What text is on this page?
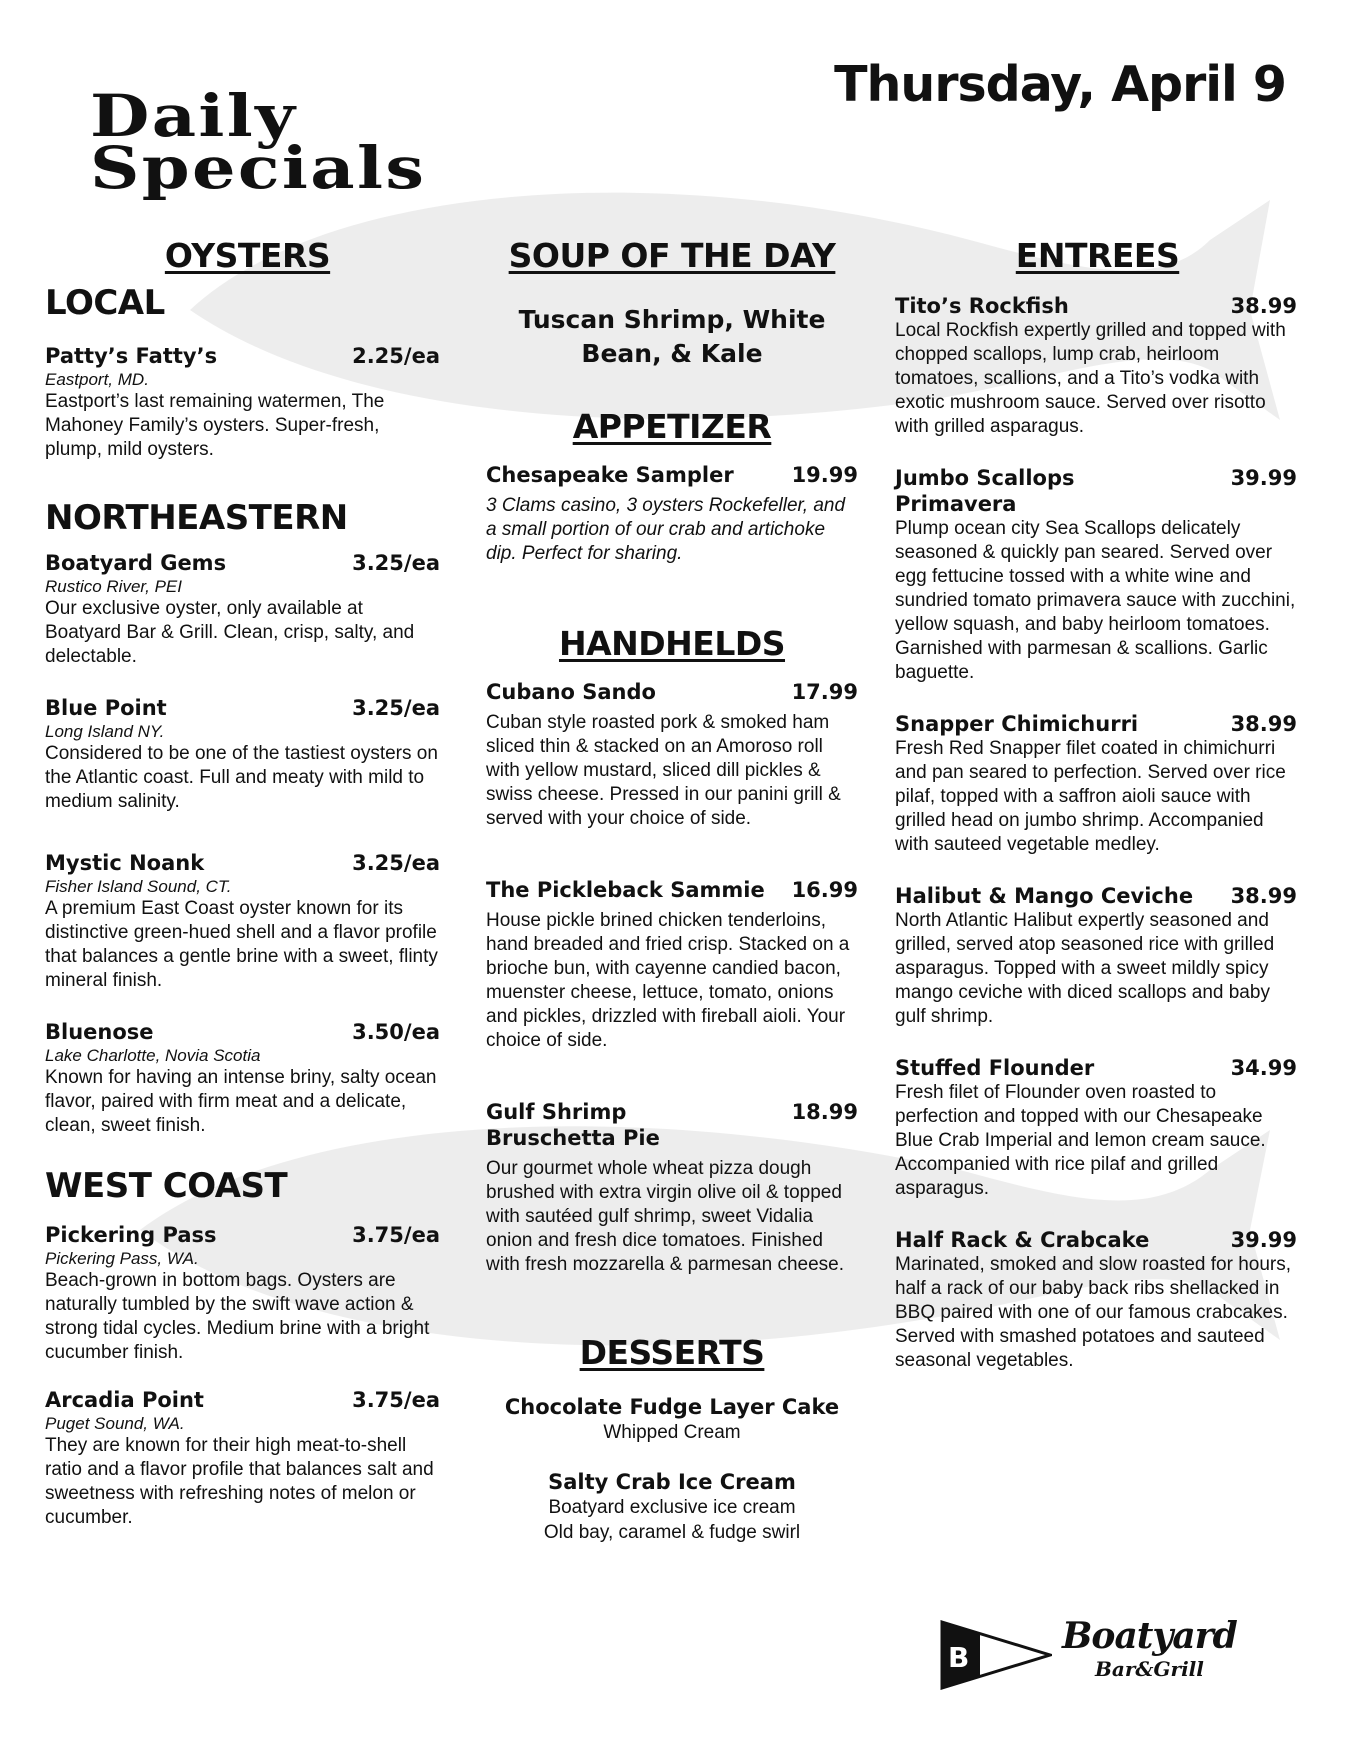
Daily
Specials
Thursday, April 9
OYSTERS
LOCAL
Patty’s Fatty’s	2.25/ea
Eastport, MD.
Eastport’s last remaining watermen, The Mahoney Family’s oysters. Super-fresh, plump, mild oysters.
NORTHEASTERN
Boatyard Gems	3.25/ea
Rustico River, PEI
Our exclusive oyster, only available at Boatyard Bar & Grill. Clean, crisp, salty, and delectable.
Blue Point	3.25/ea
Long Island NY.
Considered to be one of the tastiest oysters on the Atlantic coast. Full and meaty with mild to medium salinity.
Mystic Noank	3.25/ea
Fisher Island Sound, CT.
A premium East Coast oyster known for its distinctive green-hued shell and a flavor profile that balances a gentle brine with a sweet, flinty mineral finish.
Bluenose	3.50/ea
Lake Charlotte, Novia Scotia
Known for having an intense briny, salty ocean flavor, paired with firm meat and a delicate, clean, sweet finish.
WEST COAST
Pickering Pass	3.75/ea
Pickering Pass, WA.
Beach-grown in bottom bags. Oysters are naturally tumbled by the swift wave action & strong tidal cycles. Medium brine with a bright cucumber finish.
Arcadia Point	3.75/ea
Puget Sound, WA.
They are known for their high meat-to-shell ratio and a flavor profile that balances salt and sweetness with refreshing notes of melon or cucumber.
SOUP OF THE DAY
Tuscan Shrimp, White
Bean, & Kale
APPETIZER
Chesapeake Sampler	19.99
3 Clams casino, 3 oysters Rockefeller, and a small portion of our crab and artichoke dip. Perfect for sharing.
HANDHELDS
Cubano Sando	17.99
Cuban style roasted pork & smoked ham sliced thin & stacked on an Amoroso roll with yellow mustard, sliced dill pickles & swiss cheese. Pressed in our panini grill & served with your choice of side.
The Pickleback Sammie 16.99
House pickle brined chicken tenderloins, hand breaded and fried crisp. Stacked on a brioche bun, with cayenne candied bacon, muenster cheese, lettuce, tomato, onions and pickles, drizzled with fireball aioli. Your choice of side.
Gulf Shrimp Bruschetta Pie
18.99
Our gourmet whole wheat pizza dough brushed with extra virgin olive oil & topped with sautéed gulf shrimp, sweet Vidalia onion and fresh dice tomatoes. Finished with fresh mozzarella & parmesan cheese.
DESSERTS
Chocolate Fudge Layer Cake
Whipped Cream
Salty Crab Ice Cream
Boatyard exclusive ice cream
Old bay, caramel & fudge swirl
ENTREES
Tito’s Rockfish	38.99
Local Rockfish expertly grilled and topped with chopped scallops, lump crab, heirloom tomatoes, scallions, and a Tito’s vodka with exotic mushroom sauce. Served over risotto with grilled asparagus.
Jumbo Scallops Primavera
39.99
Plump ocean city Sea Scallops delicately seasoned & quickly pan seared. Served over egg fettucine tossed with a white wine and sundried tomato primavera sauce with zucchini, yellow squash, and baby heirloom tomatoes. Garnished with parmesan & scallions. Garlic baguette.
Snapper Chimichurri	38.99
Fresh Red Snapper filet coated in chimichurri and pan seared to perfection. Served over rice pilaf, topped with a saffron aioli sauce with grilled head on jumbo shrimp. Accompanied with sauteed vegetable medley.
Halibut & Mango Ceviche 38.99
North Atlantic Halibut expertly seasoned and grilled, served atop seasoned rice with grilled asparagus. Topped with a sweet mildly spicy mango ceviche with diced scallops and baby gulf shrimp.
Stuffed Flounder	34.99
Fresh filet of Flounder oven roasted to perfection and topped with our Chesapeake Blue Crab Imperial and lemon cream sauce. Accompanied with rice pilaf and grilled asparagus.
Half Rack & Crabcake	39.99
Marinated, smoked and slow roasted for hours, half a rack of our baby back ribs shellacked in BBQ paired with one of our famous crabcakes. Served with smashed potatoes and sauteed seasonal vegetables.
B
Boatyard
Bar&Grill
